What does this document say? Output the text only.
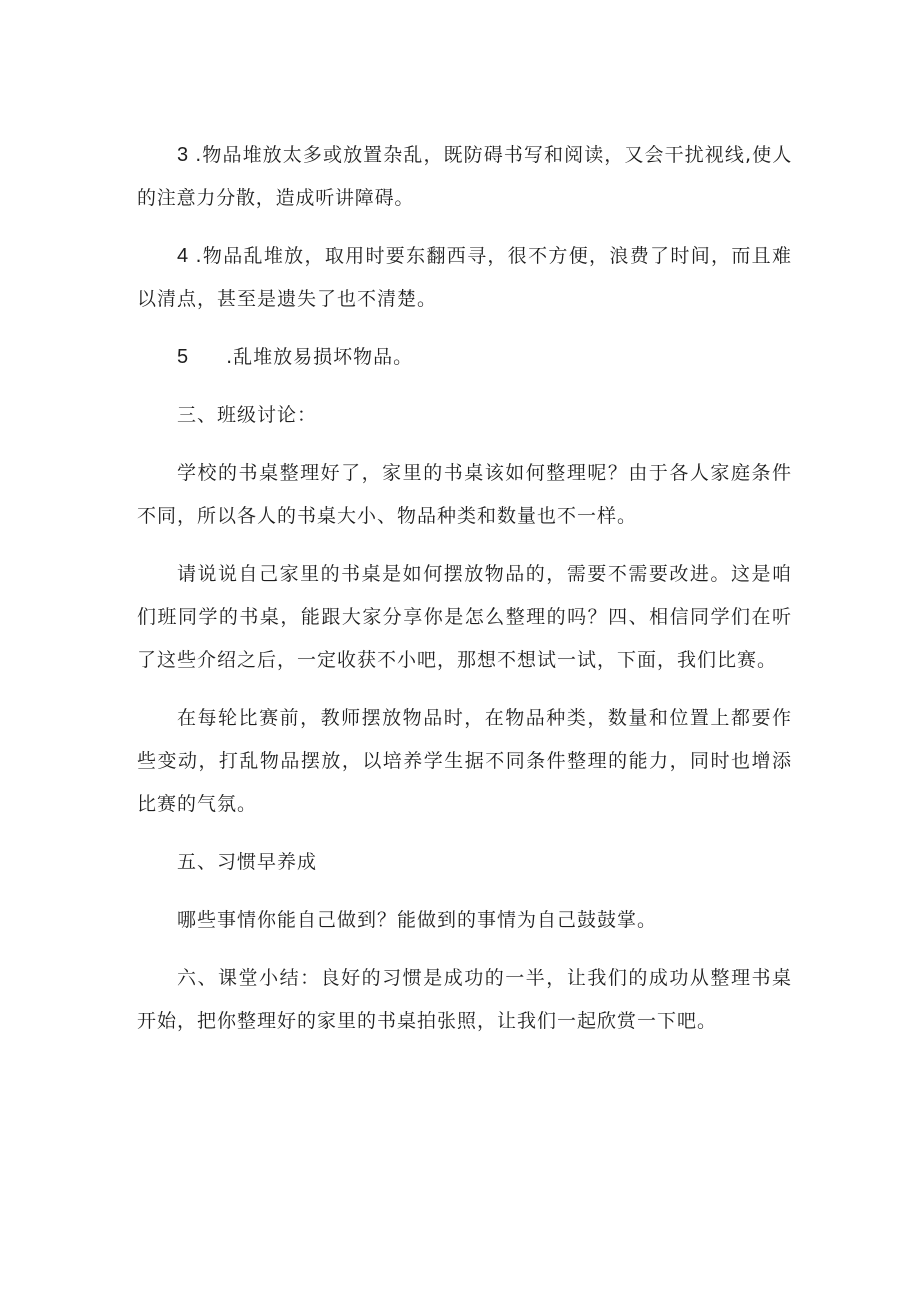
3 .物品堆放太多或放置杂乱，既防碍书写和阅读，又会干扰视线,使人的注意力分散，造成听讲障碍。

4 .物品乱堆放，取用时要东翻西寻，很不方便，浪费了时间，而且难以清点，甚至是遗失了也不清楚。

5 .乱堆放易损坏物品。

三、班级讨论：

学校的书桌整理好了，家里的书桌该如何整理呢？由于各人家庭条件不同，所以各人的书桌大小、物品种类和数量也不一样。

请说说自己家里的书桌是如何摆放物品的，需要不需要改进。这是咱们班同学的书桌，能跟大家分享你是怎么整理的吗？四、相信同学们在听了这些介绍之后，一定收获不小吧，那想不想试一试，下面，我们比赛。

在每轮比赛前，教师摆放物品时，在物品种类，数量和位置上都要作些变动，打乱物品摆放，以培养学生据不同条件整理的能力，同时也增添比赛的气氛。

五、习惯早养成

哪些事情你能自己做到？能做到的事情为自己鼓鼓掌。

六、课堂小结：良好的习惯是成功的一半，让我们的成功从整理书桌开始，把你整理好的家里的书桌拍张照，让我们一起欣赏一下吧。
